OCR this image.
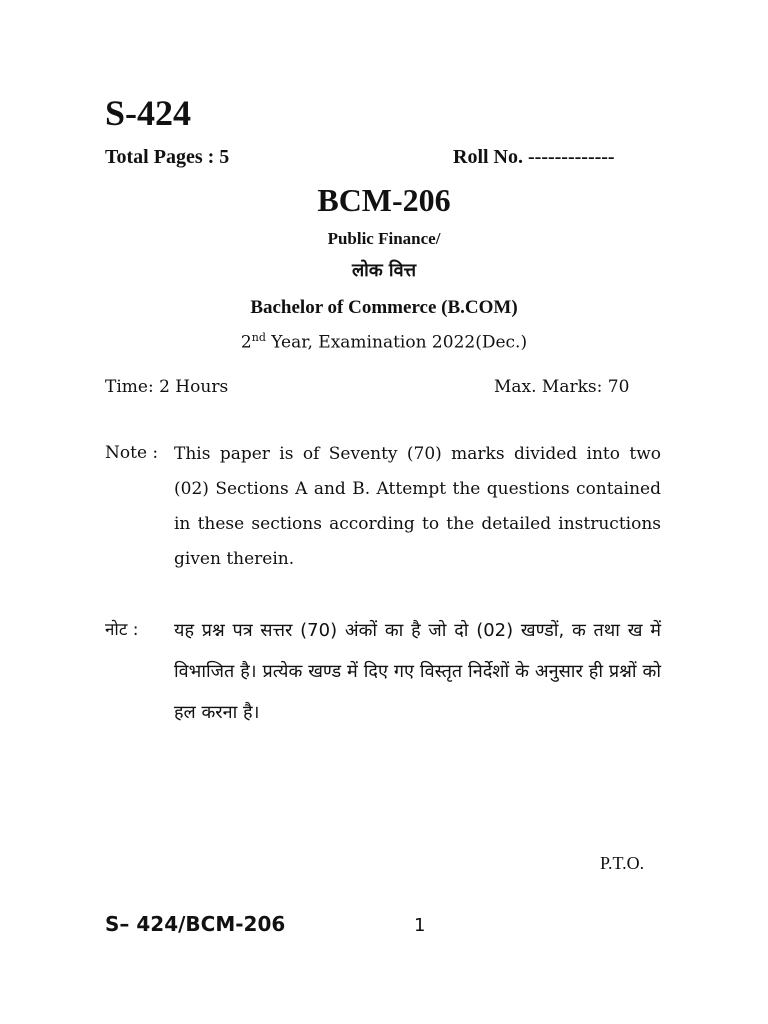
S-424
Total Pages : 5	Roll No. -------------
BCM-206
Public Finance/
लोक वित्त
Bachelor of Commerce (B.COM)
2nd Year, Examination 2022(Dec.)
Time: 2 Hours	Max. Marks: 70
Note : This paper is of Seventy (70) marks divided into two (02) Sections A and B. Attempt the questions contained in these sections according to the detailed instructions given therein.
नोट : यह प्रश्न पत्र सत्तर (70) अंकों का है जो दो (02) खण्डों, क तथा ख में विभाजित है। प्रत्येक खण्ड में दिए गए विस्तृत निर्देशों के अनुसार ही प्रश्नों को हल करना है।
P.T.O.
S– 424/BCM-206	1
